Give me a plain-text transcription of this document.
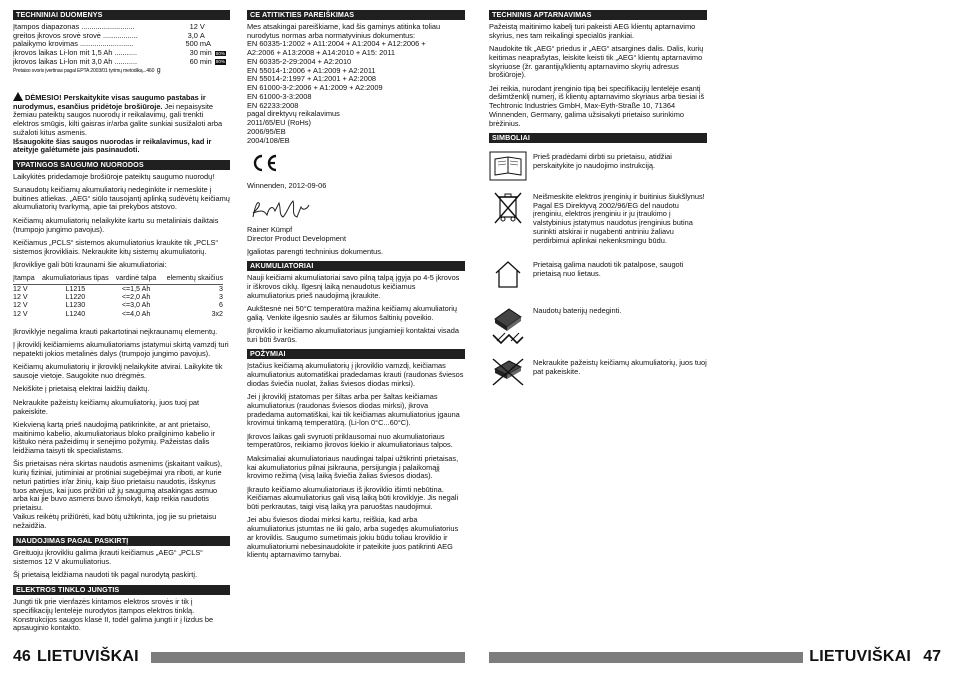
TECHNINIAI DUOMENYS
Įtampos diapazonas ..........................	12	V	
greitos įkrovos srovė srovė .................	3,0	A	
palaikymo krovimas ..........................	500	mA	
įkrovos laikas Li-lon mit 1,5 Ah ...........	30	min	80%
įkrovos laikas Li-lon mit 3,0 Ah ...........	60	min	80%
Pretaiso svoris įvertinas pagal EPTA 2003/01 tyrimų metodiką...460 g

DĖMESIO! Perskaitykite visas saugumo pastabas ir nurodymus, esančius pridėtoje brošiūroje. Jei nepaisysite žemiau pateiktų saugos nuorodų ir reikalavimų, gali trenkti elektros smūgis, kilti gaisras ir/arba galite sunkiai susižaloti arba sužaloti kitus asmenis.
Išsaugokite šias saugos nuorodas ir reikalavimus, kad ir ateityje galėtumėte jais pasinaudoti.

YPATINGOS SAUGUMO NUORODOS

Laikykitės pridedamoje brošiūroje pateiktų saugumo nuorodų!

Sunaudotų keičiamų akumuliatorių nedeginkite ir nemeskite į buitines atliekas. „AEG“ siūlo tausojantį aplinką sudėvėtų keičiamų akumuliatorių tvarkymą, apie tai prekybos atstovo.

Keičiamų akumuliatorių nelaikykite kartu su metaliniais daiktais (trumpojo jungimo pavojus).

Keičiamus „PCLS“ sistemos akumuliatorius kraukite tik „PCLS“ sistemos įkrovikliais. Nekraukite kitų sistemų akumuliatorių.

Įkrovikliye gali būti kraunami šie akumuliatoriai:

Įtampa	akumuliatoriaus tipas	vardinė talpa	elementų skaičius
12 V	L1215	<=1,5 Ah	3
12 V	L1220	<=2,0 Ah	3
12 V	L1230	<=3,0 Ah	6
12 V	L1240	<=4,0 Ah	3x2

Įkroviklyje negalima krauti pakartotinai neįkraunamų elementų.

Į įkroviklį keičiamiems akumuliatoriams įstatymui skirtą vamzdį turi nepatekti jokios metalinės dalys (trumpojo jungimo pavojus).

Keičiamų akumuliatorių ir įkroviklį nelaikykite atvirai. Laikykite tik sausoje vietoje. Saugokite nuo drėgmės.

Nekiškite į prietaisą elektrai laidžių daiktų.

Nekraukite pažeistų keičiamų akumuliatorių, juos tuoj pat pakeiskite.

Kiekvieną kartą prieš naudojimą patikrinkite, ar ant prietaiso, maitinimo kabelio, akumuliatoriaus bloko prailginimo kabelio ir kištuko nėra pažeidimų ir senėjimo požymių. Pažeistas dalis leidžiama taisyti tik specialistams.

Šis prietaisas nėra skirtas naudotis asmenims (įskaitant vaikus), kurių fiziniai, jutiminiai ar protiniai sugebėjimai yra riboti, ar kurie neturi patirties ir/ar žinių, kaip šiuo prietaisu naudotis, išskyrus tuos atvejus, kai juos prižiūri už jų saugumą atsakingas asmuo arba kai jie buvo asmens buvo išmokyti, kaip reikia naudotis prietaisu.
Vaikus reikėtų prižiūrėti, kad būtų užtikrinta, jog jie su prietaisu nežaidžia.

NAUDOJIMAS PAGAL PASKIRTĮ

Greituoju įkrovikliu galima įkrauti keičiamus „AEG“ „PCLS“ sistemos 12 V akumuliatorius.

Šį prietaisą leidžiama naudoti tik pagal nurodytą paskirtį.

ELEKTROS TINKLO JUNGTIS

Jungti tik prie vienfazės kintamos elektros srovės ir tik į specifikacijų lentelėje nurodytos įtampos elektros tinklą. Konstrukcijos saugos klasė II, todėl galima jungti ir į lizdus be apsauginio kontakto.

CE ATITIKTIES PAREIŠKIMAS
Mes atsakingai pareiškiame, kad šis gaminys atitinka toliau nurodytus normas arba normatyvinius dokumentus:
EN 60335-1:2002 + A11:2004 + A1:2004 + A12:2006 +
A2:2006 + A13:2008 + A14:2010 + A15: 2011
EN 60335-2-29:2004 + A2:2010
EN 55014-1:2006 + A1:2009 + A2:2011
EN 55014-2:1997 + A1:2001 + A2:2008
EN 61000-3-2:2006 + A1:2009 + A2:2009
EN 61000-3-3:2008
EN 62233:2008
pagal direktyvų reikalavimus
2011/65/EU (RoHs)
2006/95/EB
2004/108/EB

Winnenden, 2012-09-06

Rainer Kümpf

Director Product Development

Įgaliotas parengti techninius dokumentus.

AKUMULIATORIAI

Nauji keičiami akumuliatoriai savo pilną talpą įgyja po 4-5 įkrovos ir iškrovos ciklų. Ilgesnį laiką nenaudotus keičiamus akumuliatorius prieš naudojimą įkraukite.

Aukštesnė nei 50°C temperatūra mažina keičiamų akumuliatorių galią. Venkite ilgesnio saulės ar šilumos šaltinių poveikio.

Įkroviklio ir keičiamo akumuliatoriaus jungiamieji kontaktai visada turi būti švarūs.

POŽYMIAI

Įstačius keičiamą akumuliatorių į įkroviklio vamzdį, keičiamas akumuliatorius automatiškai pradedamas krauti (raudonas šviesos diodas šviečia nuolat, žalias šviesos diodas mirksi).

Jei į įkroviklį įstatomas per šiltas arba per šaltas keičiamas akumuliatorius (raudonas šviesos diodas mirksi), įkrova pradedama automatiškai, kai tik keičiamas akumuliatorius įgauna krovimui tinkamą temperatūrą. (Li-lon 0°C...60°C).

Įkrovos laikas gali svyruoti priklausomai nuo akumuliatoriaus temperatūros, reikiamo įkrovos kiekio ir akumuliatoriaus talpos.

Maksimaliai akumuliatoriaus naudingai talpai užtikrinti prietaisas, kai akumuliatorius pilnai įsikrauna, persijungia į palaikomąjį krovimo režimą (visą laiką šviečia žalias šviesos diodas).

Įkrauto keičiamo akumuliatoriaus iš įkroviklio išimti nebūtina. Keičiamas akumuliatorius gali visą laiką būti kroviklyje. Jis negali būti perkrautas, taigi visą laiką yra paruoštas naudojimui.

Jei abu šviesos diodai mirksi kartu, reiškia, kad arba akumuliatorius įstumtas ne iki galo, arba sugedęs akumuliatorius ar kroviklis. Saugumo sumetimais jokiu būdu toliau kroviklio ir akumuliatoriumi nebesinaudokite ir pateikite juos patikrinti AEG klientų aptarnavimo tarnybai.

TECHNINIS APTARNAVIMAS

Pažeistą maitinimo kabelį turi pakeisti AEG klientų aptarnavimo skyrius, nes tam reikalingi specialūs įrankiai.

Naudokite tik „AEG“ priedus ir „AEG“ atsargines dalis. Dalis, kurių keitimas neaprašytas, leiskite keisti tik „AEG“ klientų aptarnavimo skyriuose (žr. garantijų/klientų aptarnavimo skyrių adresus brošiūroje).

Jei reikia, nurodant įrenginio tipą bei specifikacijų lentelėje esantį dešimtženklį numerį, iš klientų aptarnavimo skyriaus arba tiesiai iš Techtronic Industries GmbH, Max-Eyth-Straße 10, 71364 Winnenden, Germany, galima užsisakyti prietaiso surinkimo brėžinius.

SIMBOLIAI

Prieš pradėdami dirbti su prietaisu, atidžiai perskaitykite jo naudojimo instrukciją.

Neišmeskite elektros įrenginių ir buitinius šiukšlynus! Pagal ES Direktyvą 2002/96/EG del naudotu įrenginiu, elektros įrenginiu ir ju įtraukimo į valstybinius įstatymus naudotus įrenginius butina surinkti atskirai ir nugabenti antriniu žaliavu perdirbimui aplinkai nekenksmingu būdu.

Prietaisą galima naudoti tik patalpose, saugoti prietaisą nuo lietaus.

Naudotų baterijų nedeginti.

Nekraukite pažeistų keičiamų akumuliatorių, juos tuoj pat pakeiskite.

46 LIETUVIŠKAI	LIETUVIŠKAI 47
